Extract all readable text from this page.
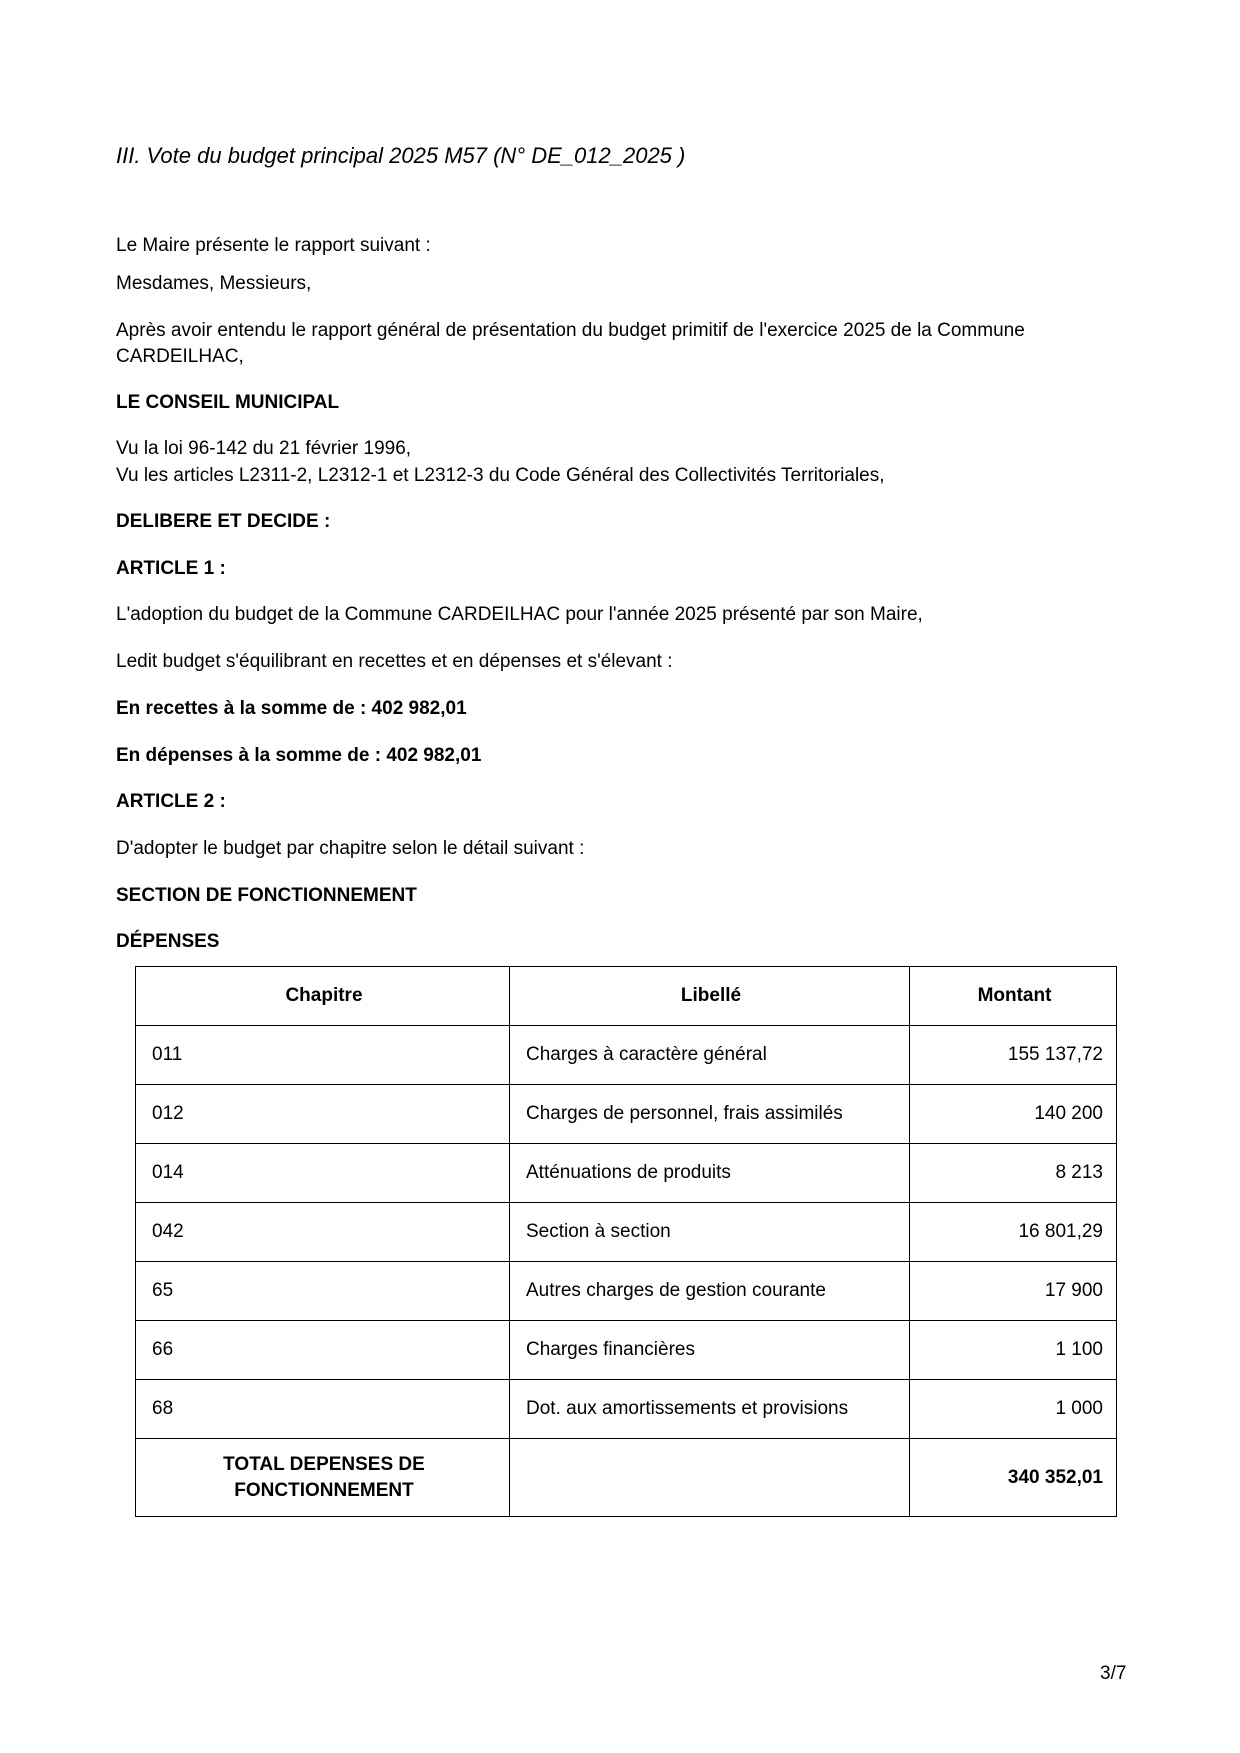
III. Vote du budget principal 2025 M57 (N° DE_012_2025 )
Le Maire présente le rapport suivant :
Mesdames, Messieurs,
Après avoir entendu le rapport général de présentation du budget primitif de l'exercice 2025 de la Commune
CARDEILHAC,
LE CONSEIL MUNICIPAL
Vu la loi 96-142 du 21 février 1996,
Vu les articles L2311-2, L2312-1 et L2312-3 du Code Général des Collectivités Territoriales,
DELIBERE ET DECIDE :
ARTICLE 1 :
L'adoption du budget de la Commune CARDEILHAC pour l'année 2025 présenté par son Maire,
Ledit budget s'équilibrant en recettes et en dépenses et s'élevant :
En recettes à la somme de : 402 982,01
En dépenses à la somme de : 402 982,01
ARTICLE 2 :
D'adopter le budget par chapitre selon le détail suivant :
SECTION DE FONCTIONNEMENT
DÉPENSES
Chapitre	Libellé	Montant
011	Charges à caractère général	155 137,72
012	Charges de personnel, frais assimilés	140 200
014	Atténuations de produits	8 213
042	Section à section	16 801,29
65	Autres charges de gestion courante	17 900
66	Charges financières	1 100
68	Dot. aux amortissements et provisions	1 000

TOTAL DEPENSES DE
FONCTIONNEMENT		340 352,01
3/7
